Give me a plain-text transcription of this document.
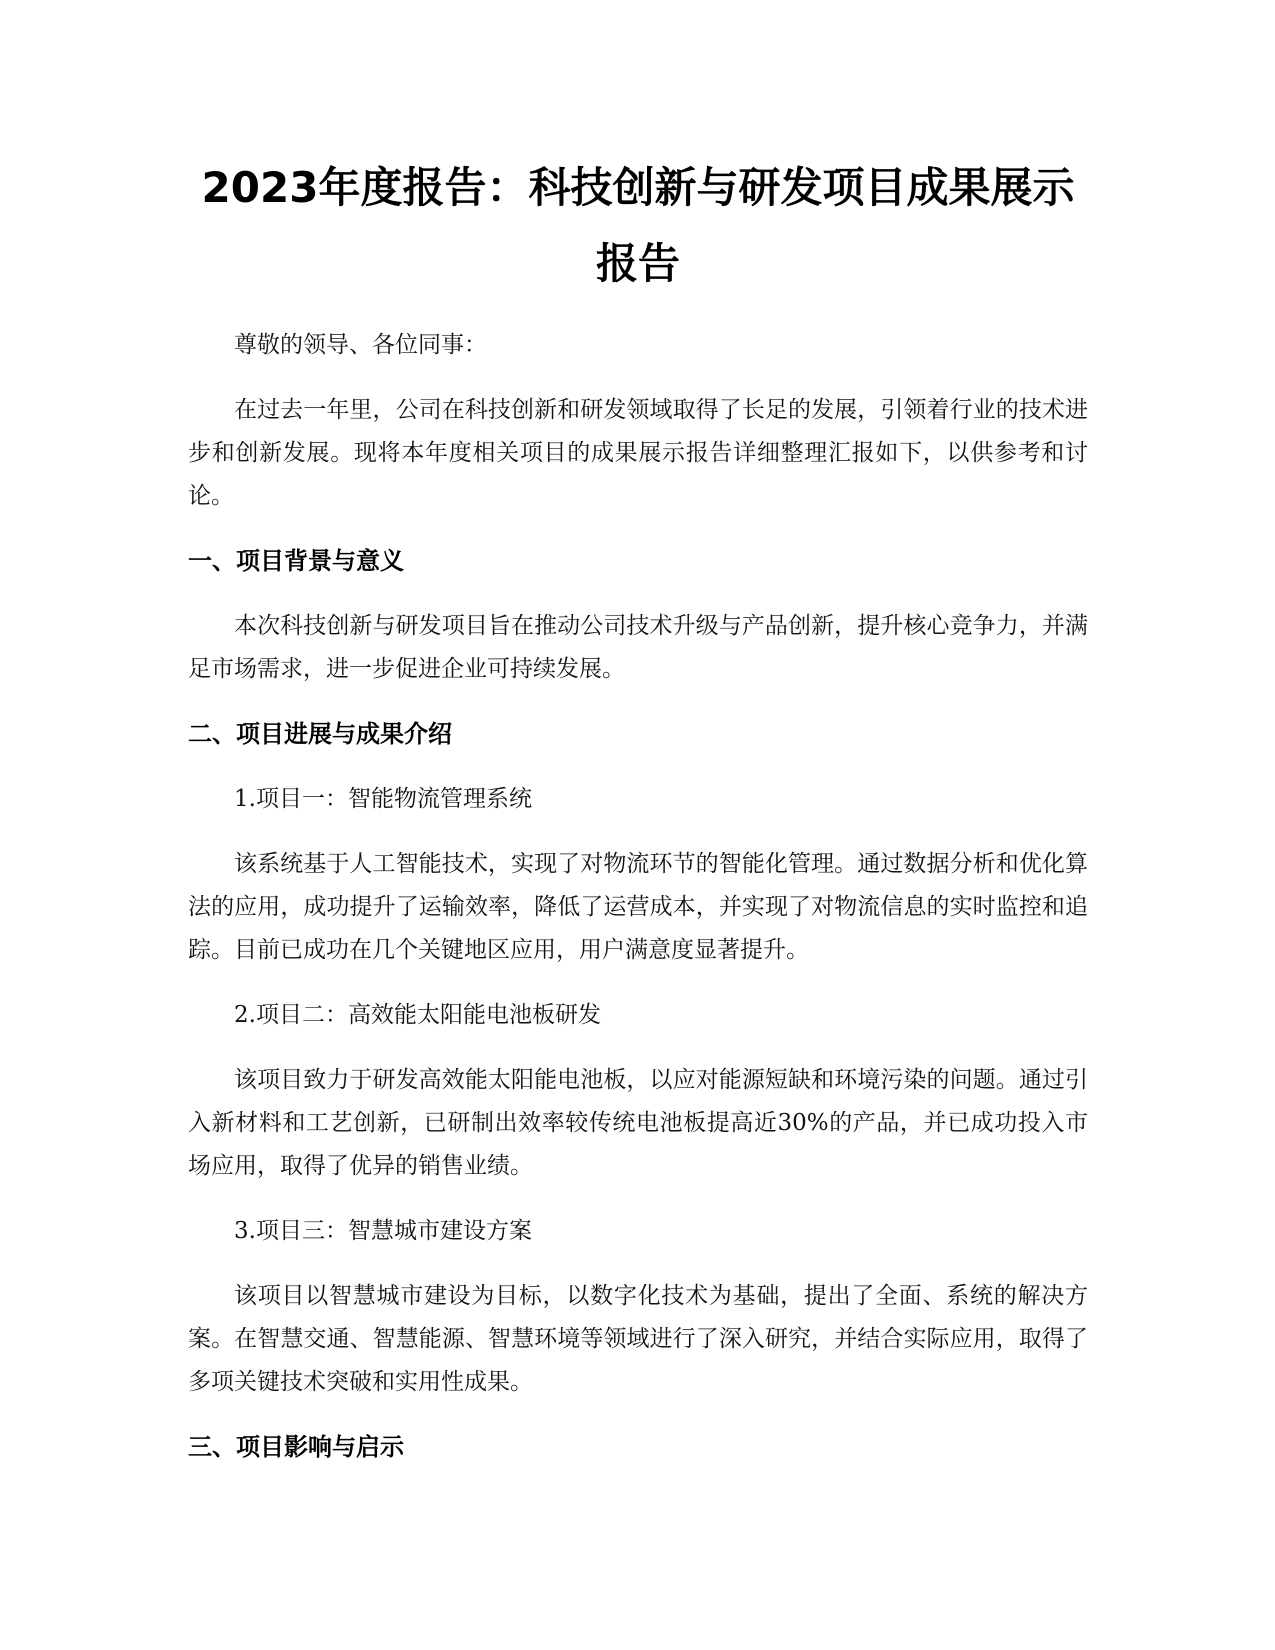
2023年度报告：科技创新与研发项目成果展示报告

尊敬的领导、各位同事：

在过去一年里，公司在科技创新和研发领域取得了长足的发展，引领着行业的技术进步和创新发展。现将本年度相关项目的成果展示报告详细整理汇报如下，以供参考和讨论。

一、项目背景与意义

本次科技创新与研发项目旨在推动公司技术升级与产品创新，提升核心竞争力，并满足市场需求，进一步促进企业可持续发展。

二、项目进展与成果介绍

1.项目一：智能物流管理系统

该系统基于人工智能技术，实现了对物流环节的智能化管理。通过数据分析和优化算法的应用，成功提升了运输效率，降低了运营成本，并实现了对物流信息的实时监控和追踪。目前已成功在几个关键地区应用，用户满意度显著提升。

2.项目二：高效能太阳能电池板研发

该项目致力于研发高效能太阳能电池板，以应对能源短缺和环境污染的问题。通过引入新材料和工艺创新，已研制出效率较传统电池板提高近30%的产品，并已成功投入市场应用，取得了优异的销售业绩。

3.项目三：智慧城市建设方案

该项目以智慧城市建设为目标，以数字化技术为基础，提出了全面、系统的解决方案。在智慧交通、智慧能源、智慧环境等领域进行了深入研究，并结合实际应用，取得了多项关键技术突破和实用性成果。

三、项目影响与启示
